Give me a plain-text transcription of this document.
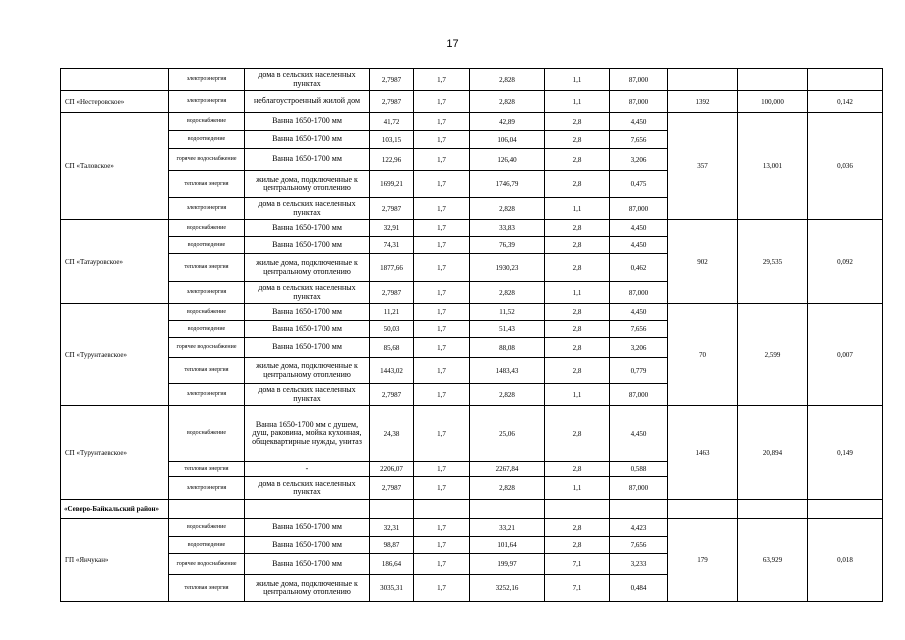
17
	электроэнергия	дома в сельских населенных пунктах	2,7987	1,7	2,828	1,1	87,000			
СП «Нестеровское»	электроэнергия	неблагоустроенный жилой дом	2,7987	1,7	2,828	1,1	87,000	1392	100,000	0,142
СП «Таловское»	водоснабжение	Ванна 1650-1700 мм	41,72	1,7	42,89	2,8	4,450	357	13,001	0,036
	водоотведение	Ванна 1650-1700 мм	103,15	1,7	106,04	2,8	7,656			
	горячее водоснабжение	Ванна 1650-1700 мм	122,96	1,7	126,40	2,8	3,206			
	тепловая энергия	жилые дома, подключенные к центральному отоплению	1699,21	1,7	1746,79	2,8	0,475			
	электроэнергия	дома в сельских населенных пунктах	2,7987	1,7	2,828	1,1	87,000			
СП «Татауровское»	водоснабжение	Ванна 1650-1700 мм	32,91	1,7	33,83	2,8	4,450	902	29,535	0,092
	водоотведение	Ванна 1650-1700 мм	74,31	1,7	76,39	2,8	4,450			
	тепловая энергия	жилые дома, подключенные к центральному отоплению	1877,66	1,7	1930,23	2,8	0,462			
	электроэнергия	дома в сельских населенных пунктах	2,7987	1,7	2,828	1,1	87,000			
СП «Турунтаевское»	водоснабжение	Ванна 1650-1700 мм	11,21	1,7	11,52	2,8	4,450	70	2,599	0,007
	водоотведение	Ванна 1650-1700 мм	50,03	1,7	51,43	2,8	7,656			
	горячее водоснабжение	Ванна 1650-1700 мм	85,68	1,7	88,08	2,8	3,206			
	тепловая энергия	жилые дома, подключенные к центральному отоплению	1443,02	1,7	1483,43	2,8	0,779			
	электроэнергия	дома в сельских населенных пунктах	2,7987	1,7	2,828	1,1	87,000			
СП «Турунтаевское»	водоснабжение	Ванна 1650-1700 мм с душем, душ, раковина, мойка кухонная, общеквартирные нужды, унитаз	24,38	1,7	25,06	2,8	4,450	1463	20,894	0,149
	тепловая энергия	-	2206,07	1,7	2267,84	2,8	0,588			
	электроэнергия	дома в сельских населенных пунктах	2,7987	1,7	2,828	1,1	87,000			
«Северо-Байкальский район»										
ГП «Янчукан»	водоснабжение	Ванна 1650-1700 мм	32,31	1,7	33,21	2,8	4,423	179	63,929	0,018
	водоотведение	Ванна 1650-1700 мм	98,87	1,7	101,64	2,8	7,656			
	горячее водоснабжение	Ванна 1650-1700 мм	186,64	1,7	199,97	7,1	3,233			
	тепловая энергия	жилые дома, подключенные к центральному отоплению	3035,31	1,7	3252,16	7,1	0,484			
